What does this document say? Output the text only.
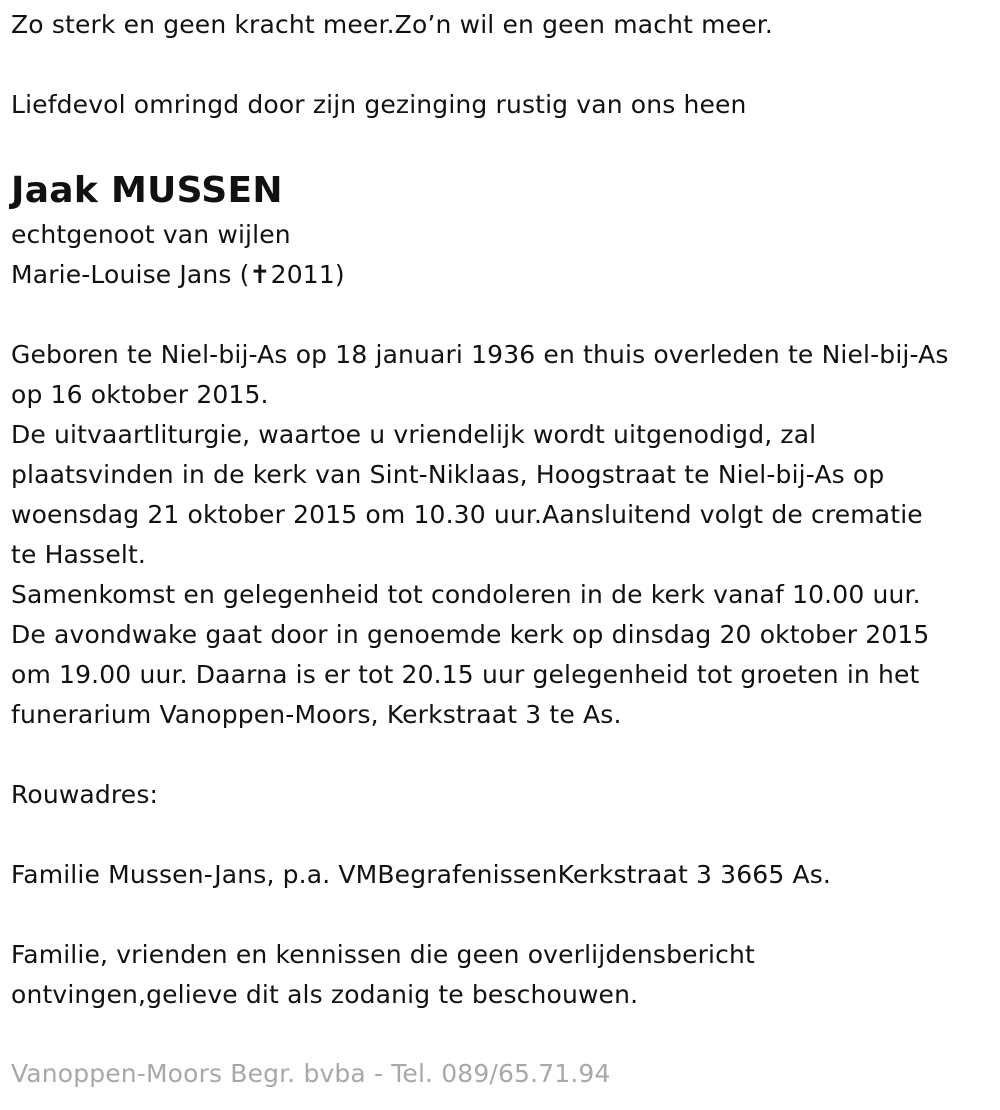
Zo sterk en geen kracht meer.Zo’n wil en geen macht meer.
Liefdevol omringd door zijn gezinging rustig van ons heen
Jaak MUSSEN
echtgenoot van wijlen
Marie-Louise Jans (✝2011)
Geboren te Niel-bij-As op 18 januari 1936 en thuis overleden te Niel-bij-As
op 16 oktober 2015.
De uitvaartliturgie, waartoe u vriendelijk wordt uitgenodigd, zal
plaatsvinden in de kerk van Sint-Niklaas, Hoogstraat te Niel-bij-As op
woensdag 21 oktober 2015 om 10.30 uur.Aansluitend volgt de crematie
te Hasselt.
Samenkomst en gelegenheid tot condoleren in de kerk vanaf 10.00 uur.
De avondwake gaat door in genoemde kerk op dinsdag 20 oktober 2015
om 19.00 uur. Daarna is er tot 20.15 uur gelegenheid tot groeten in het
funerarium Vanoppen-Moors, Kerkstraat 3 te As.
Rouwadres:
Familie Mussen-Jans, p.a. VMBegrafenissenKerkstraat 3 3665 As.
Familie, vrienden en kennissen die geen overlijdensbericht
ontvingen,gelieve dit als zodanig te beschouwen.
Vanoppen-Moors Begr. bvba - Tel. 089/65.71.94
